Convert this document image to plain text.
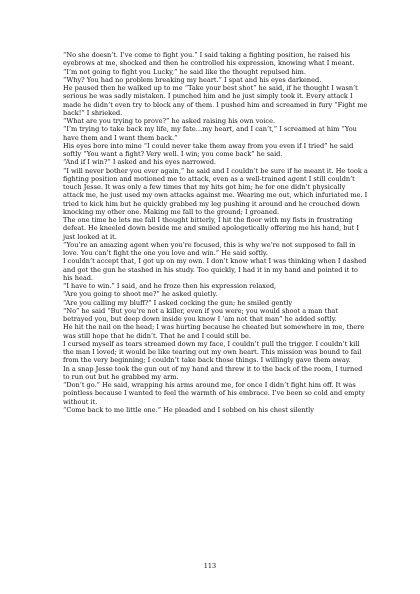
“No she doesn’t. I’ve come to fight you.” I said taking a fighting position, he raised his eyebrows at me, shocked and then he controlled his expression, knowing what I meant.

“I’m not going to fight you Lucky,” he said like the thought repulsed him.

“Why? You had no problem breaking my heart.” I spat and his eyes darkened.

He paused then he walked up to me “Take your best shot” he said, if he thought I wasn’t serious he was sadly mistaken. I punched him and he just simply took it. Every attack I made he didn’t even try to block any of them. I pushed him and screamed in fury “Fight me back!” I shrieked.

“What are you trying to prove?” he asked raising his own voice.

“I’m trying to take back my life, my fate…my heart, and I can’t,” I screamed at him “You have them and I want them back.”

His eyes bore into mine “I could never take them away from you even if I tried” he said softly “You want a fight? Very well. I win; you come back” he said.

“And if I win?” I asked and his eyes narrowed.

“I will never bother you ever again,” he said and I couldn’t be sure if he meant it. He took a fighting position and motioned me to attack, even as a well-trained agent I still couldn’t touch Jesse. It was only a few times that my hits got him; he for one didn’t physically attack me, he just used my own attacks against me. Wearing me out, which infuriated me. I tried to kick him but he quickly grabbed my leg pushing it around and he crouched down knocking my other one. Making me fall to the ground; I groaned.

The one time he lets me fall I thought bitterly, I hit the floor with my fists in frustrating defeat. He kneeled down beside me and smiled apologetically offering me his hand, but I just looked at it.

“You’re an amazing agent when you’re focused, this is why we’re not supposed to fall in love. You can’t fight the one you love and win.” He said softly.

I couldn’t accept that, I got up on my own. I don’t know what I was thinking when I dashed and got the gun he stashed in his study. Too quickly, I had it in my hand and pointed it to his head.

“I have to win.” I said, and he froze then his expression relaxed,

“Are you going to shoot me?” he asked quietly.

“Are you calling my bluff?” I asked cocking the gun; he smiled gently

“No” he said “But you’re not a killer, even if you were; you would shoot a man that betrayed you, but deep down inside you know I ‘am not that man” he added softly.

He hit the nail on the head; I was hurting because he cheated but somewhere in me, there was still hope that he didn’t. That he and I could still be.

I cursed myself as tears streamed down my face, I couldn’t pull the trigger. I couldn’t kill the man I loved; it would be like tearing out my own heart. This mission was bound to fail from the very beginning; I couldn’t take back those things. I willingly gave them away.

In a snap Jesse took the gun out of my hand and threw it to the back of the room, I turned to run out but he grabbed my arm.

“Don’t go.” He said, wrapping his arms around me, for once I didn’t fight him off. It was pointless because I wanted to feel the warmth of his embrace. I’ve been so cold and empty without it.

“Come back to me little one.” He pleaded and I sobbed on his chest silently

113
